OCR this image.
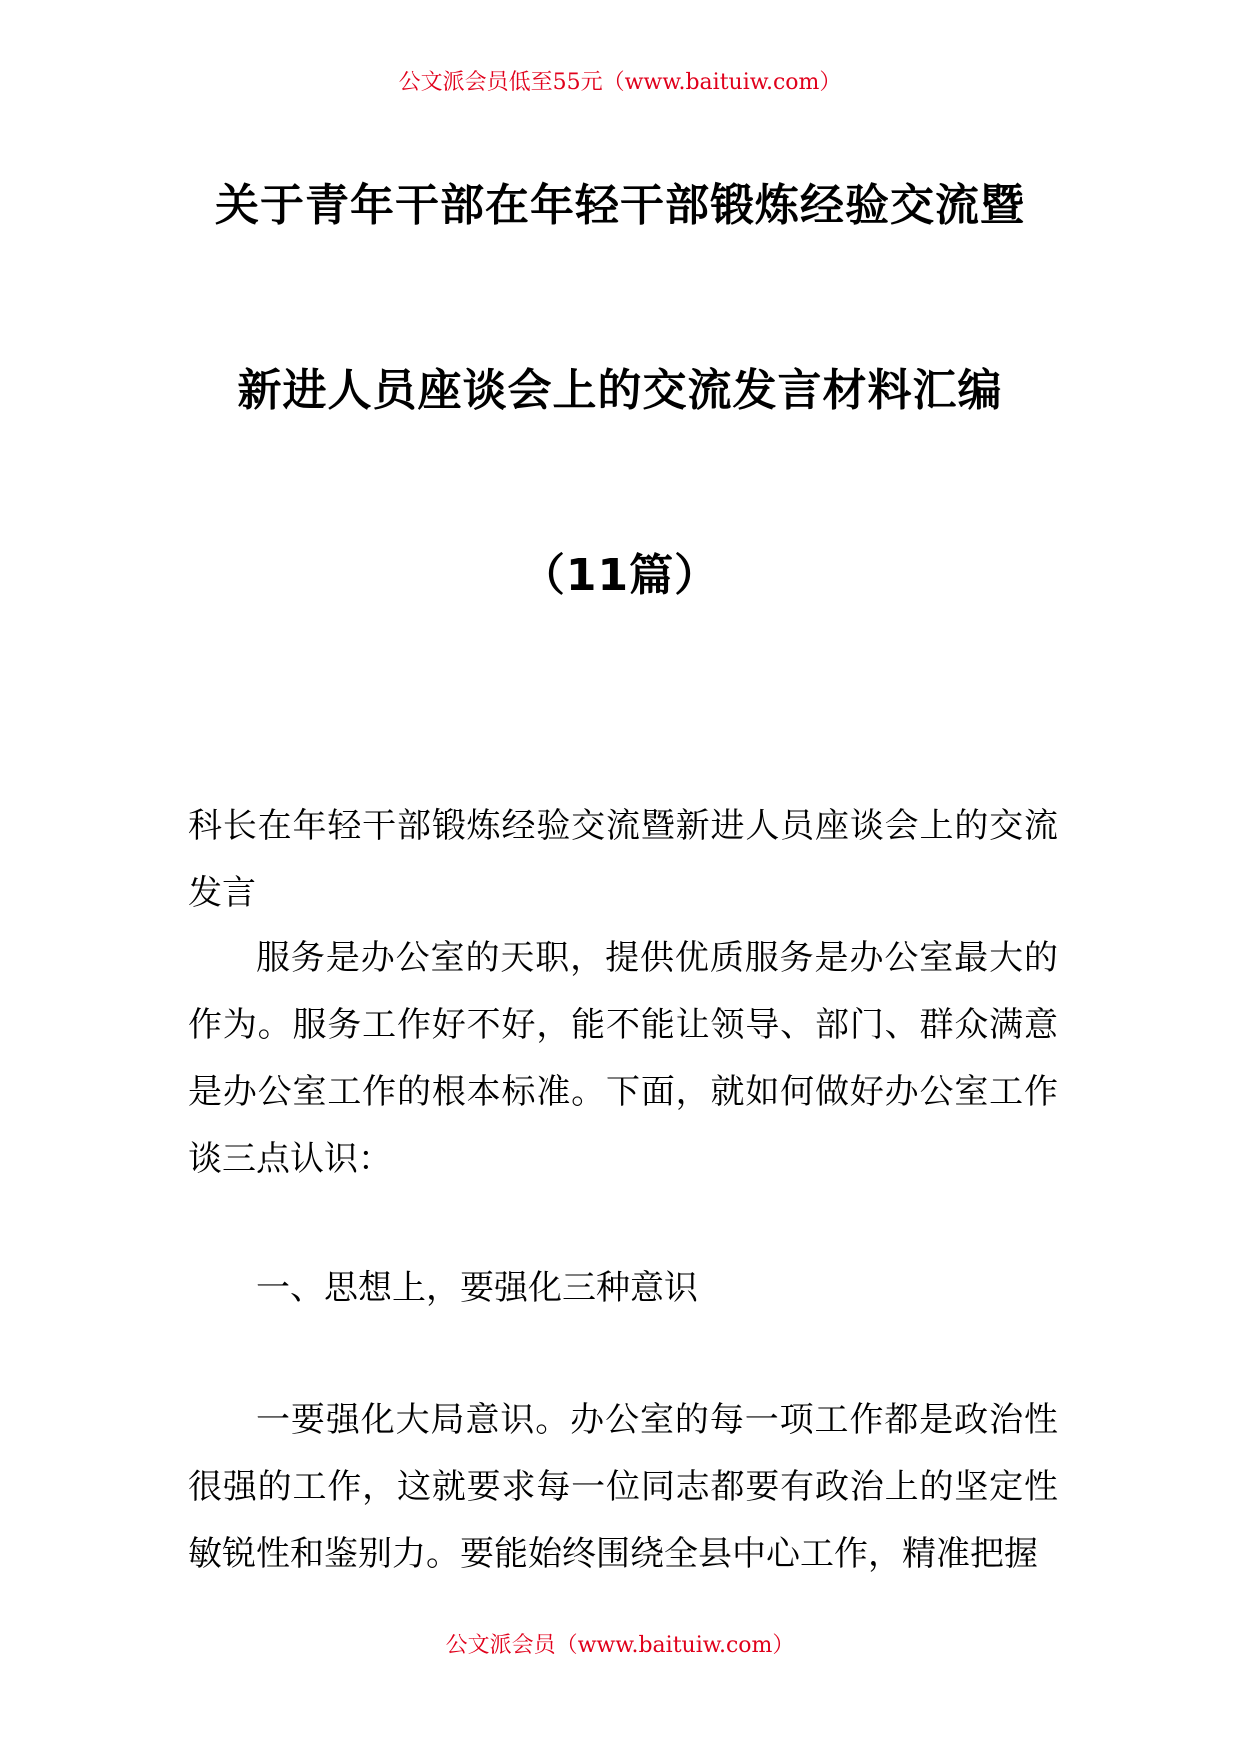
公文派会员低至55元（www.baituiw.com）
关于青年干部在年轻干部锻炼经验交流暨
新进人员座谈会上的交流发言材料汇编
（11篇）

科长在年轻干部锻炼经验交流暨新进人员座谈会上的交流发言

服务是办公室的天职，提供优质服务是办公室最大的作为。服务工作好不好，能不能让领导、部门、群众满意是办公室工作的根本标准。下面，就如何做好办公室工作谈三点认识：

一、思想上，要强化三种意识

一要强化大局意识。办公室的每一项工作都是政治性很强的工作，这就要求每一位同志都要有政治上的坚定性敏锐性和鉴别力。要能始终围绕全县中心工作，精准把握

公文派会员（www.baituiw.com）
